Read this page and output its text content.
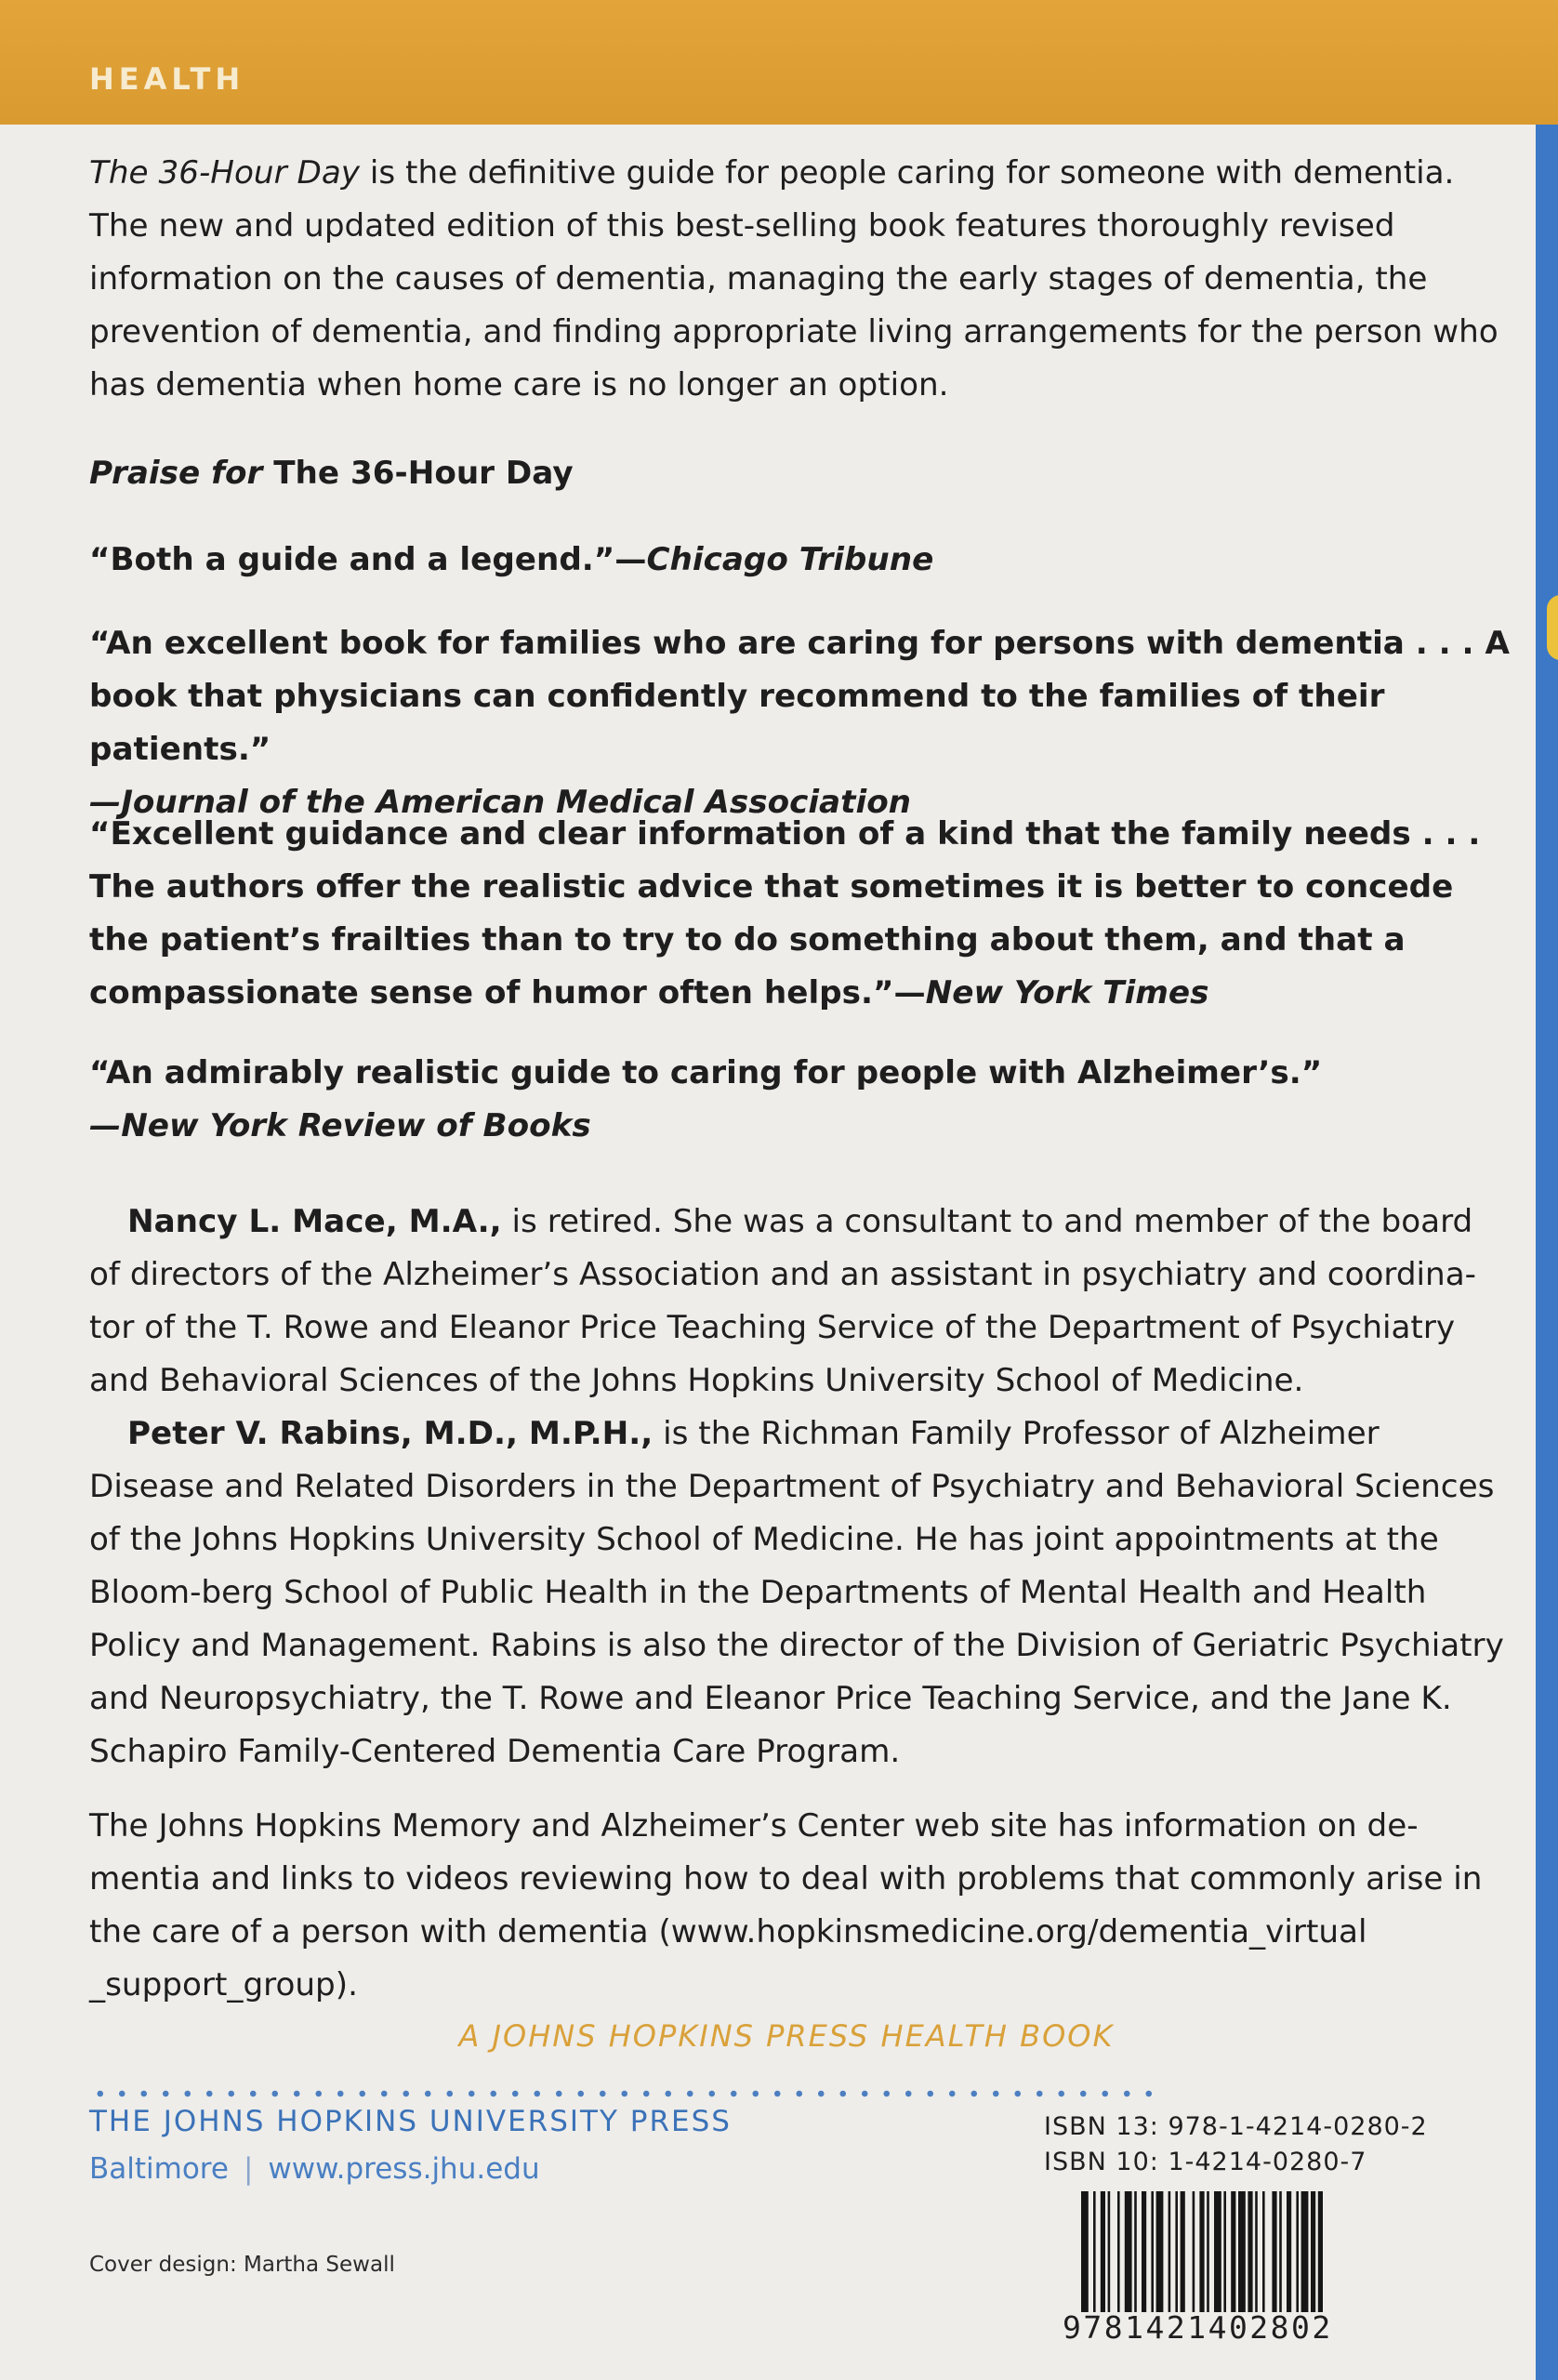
HEALTH

The 36-Hour Day is the definitive guide for people caring for someone with dementia. The new and updated edition of this best-selling book features thoroughly revised information on the causes of dementia, managing the early stages of dementia, the prevention of dementia, and finding appropriate living arrangements for the person who has dementia when home care is no longer an option.

Praise for The 36-Hour Day

“Both a guide and a legend.”—Chicago Tribune

“An excellent book for families who are caring for persons with dementia . . . A book that physicians can confidently recommend to the families of their patients.”
—Journal of the American Medical Association

“Excellent guidance and clear information of a kind that the family needs . . . The authors offer the realistic advice that sometimes it is better to concede the patient’s frailties than to try to do something about them, and that a compassionate sense of humor often helps.”—New York Times

“An admirably realistic guide to caring for people with Alzheimer’s.”
—New York Review of Books

Nancy L. Mace, M.A., is retired. She was a consultant to and member of the board of directors of the Alzheimer’s Association and an assistant in psychiatry and coordina-tor of the T. Rowe and Eleanor Price Teaching Service of the Department of Psychiatry and Behavioral Sciences of the Johns Hopkins University School of Medicine.

Peter V. Rabins, M.D., M.P.H., is the Richman Family Professor of Alzheimer Disease and Related Disorders in the Department of Psychiatry and Behavioral Sciences of the Johns Hopkins University School of Medicine. He has joint appointments at the Bloom-berg School of Public Health in the Departments of Mental Health and Health Policy and Management. Rabins is also the director of the Division of Geriatric Psychiatry and Neuropsychiatry, the T. Rowe and Eleanor Price Teaching Service, and the Jane K. Schapiro Family-Centered Dementia Care Program.

The Johns Hopkins Memory and Alzheimer’s Center web site has information on de-mentia and links to videos reviewing how to deal with problems that commonly arise in the care of a person with dementia (www.hopkinsmedicine.org/dementia_virtual _support_group).

A JOHNS HOPKINS PRESS HEALTH BOOK
THE JOHNS HOPKINS UNIVERSITY PRESS
Baltimore | www.press.jhu.edu
ISBN 13: 978-1-4214-0280-2
ISBN 10: 1-4214-0280-7
9781421402802
Cover design: Martha Sewall
